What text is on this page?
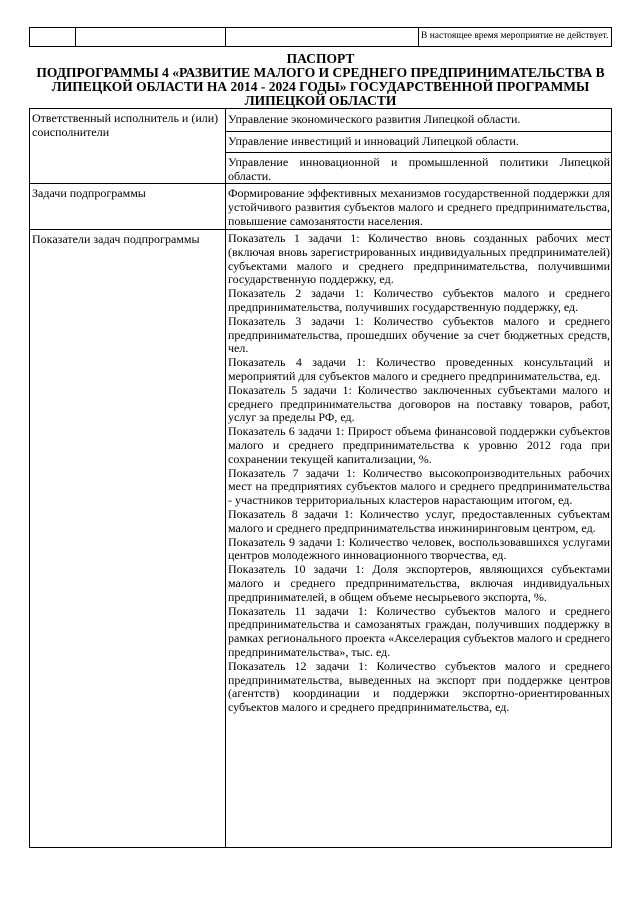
В настоящее время мероприятие не действует.
ПАСПОРТ
ПОДПРОГРАММЫ 4 «РАЗВИТИЕ МАЛОГО И СРЕДНЕГО ПРЕДПРИНИМАТЕЛЬСТВА В
ЛИПЕЦКОЙ ОБЛАСТИ НА 2014 - 2024 ГОДЫ» ГОСУДАРСТВЕННОЙ ПРОГРАММЫ
ЛИПЕЦКОЙ ОБЛАСТИ
Ответственный исполнитель и (или) соисполнители
Управление экономического развития Липецкой области.
Управление инвестиций и инноваций Липецкой области.
Управление инновационной и промышленной политики Липецкой области.
Задачи подпрограммы	Формирование эффективных механизмов государственной поддержки для устойчивого развития субъектов малого и среднего предпринимательства, повышение самозанятости населения.
Показатели задач подпрограммы	Показатель 1 задачи 1: Количество вновь созданных рабочих мест (включая вновь зарегистрированных индивидуальных предпринимателей) субъектами малого и среднего предпринимательства, получившими государственную поддержку, ед.

Показатель 2 задачи 1: Количество субъектов малого и среднего предпринимательства, получивших государственную поддержку, ед.

Показатель 3 задачи 1: Количество субъектов малого и среднего предпринимательства, прошедших обучение за счет бюджетных средств, чел.

Показатель 4 задачи 1: Количество проведенных консультаций и мероприятий для субъектов малого и среднего предпринимательства, ед.

Показатель 5 задачи 1: Количество заключенных субъектами малого и среднего предпринимательства договоров на поставку товаров, работ, услуг за пределы РФ, ед.

Показатель 6 задачи 1: Прирост объема финансовой поддержки субъектов малого и среднего предпринимательства к уровню 2012 года при сохранении текущей капитализации, %.

Показатель 7 задачи 1: Количество высокопроизводительных рабочих мест на предприятиях субъектов малого и среднего предпринимательства - участников территориальных кластеров нарастающим итогом, ед.

Показатель 8 задачи 1: Количество услуг, предоставленных субъектам малого и среднего предпринимательства инжиниринговым центром, ед.

Показатель 9 задачи 1: Количество человек, воспользовавшихся услугами центров молодежного инновационного творчества, ед.

Показатель 10 задачи 1: Доля экспортеров, являющихся субъектами малого и среднего предпринимательства, включая индивидуальных предпринимателей, в общем объеме несырьевого экспорта, %.

Показатель 11 задачи 1: Количество субъектов малого и среднего предпринимательства и самозанятых граждан, получивших поддержку в рамках регионального проекта «Акселерация субъектов малого и среднего предпринимательства», тыс. ед.

Показатель 12 задачи 1: Количество субъектов малого и среднего предпринимательства, выведенных на экспорт при поддержке центров (агентств) координации и поддержки экспортно-ориентированных субъектов малого и среднего предпринимательства, ед.
